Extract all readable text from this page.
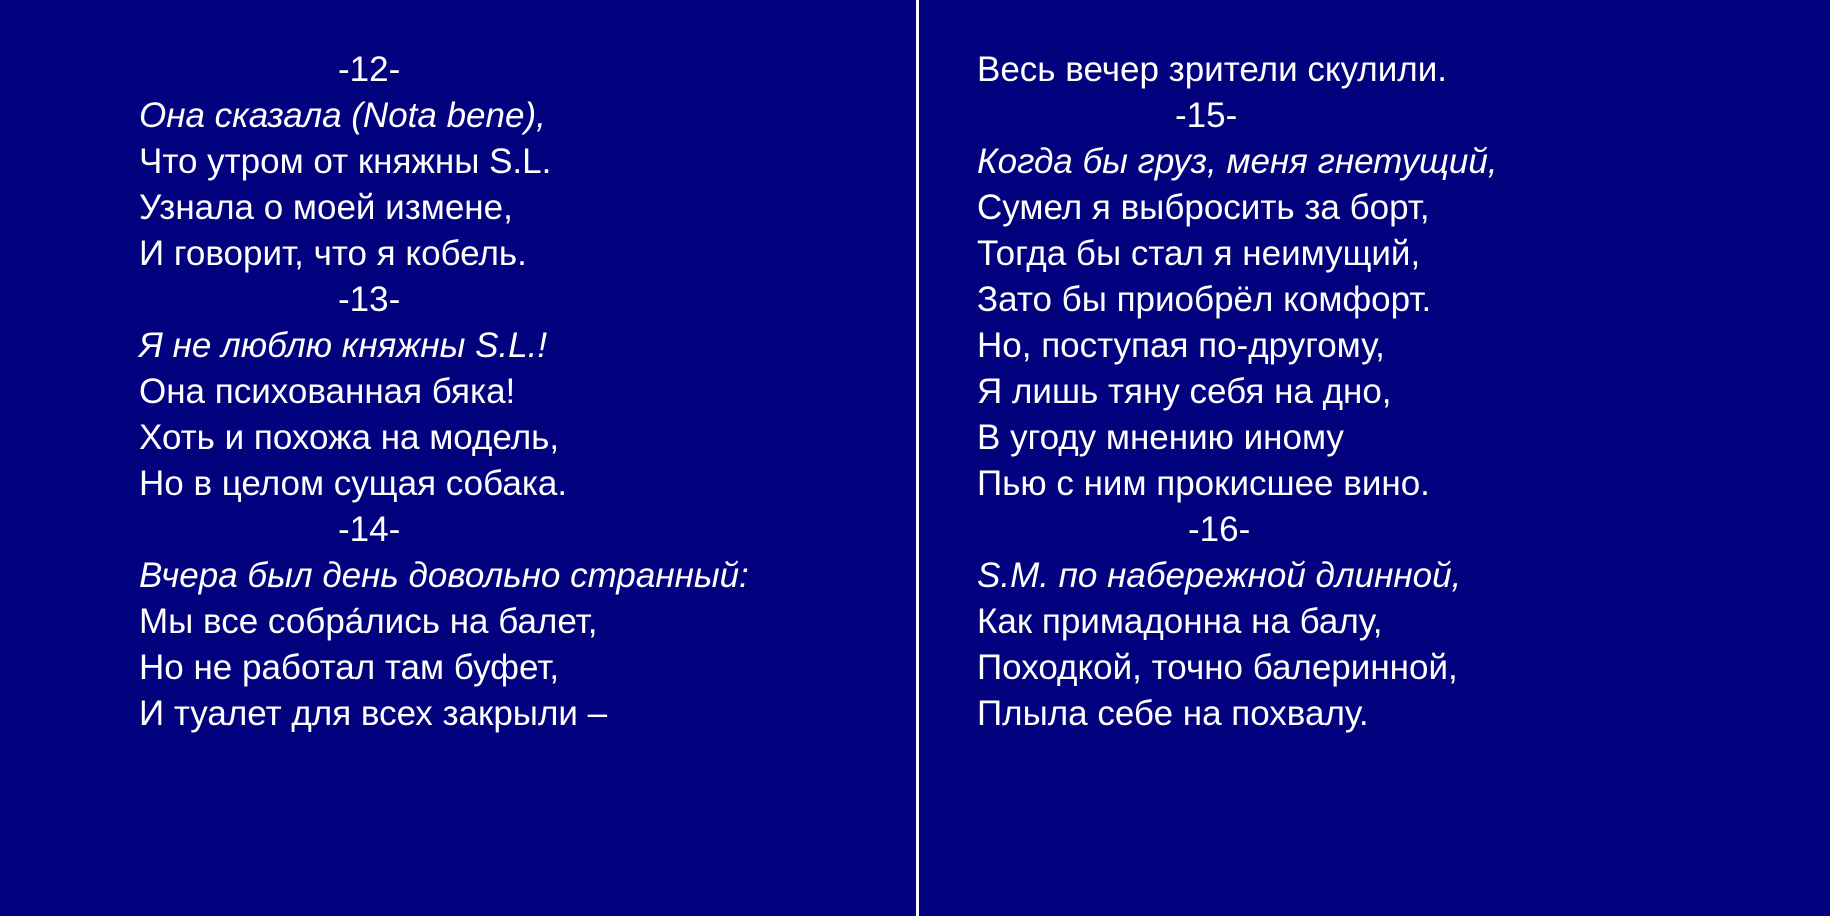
-12-
Она сказала (Nota bene),
Что утром от княжны S.L.
Узнала о моей измене,
И говорит, что я кобель.
-13-
Я не люблю княжны S.L.!
Она психованная бяка!
Хоть и похожа на модель,
Но в целом сущая собака.
-14-
Вчера был день довольно странный:
Мы все собра́лись на балет,
Но не работал там буфет,
И туалет для всех закрыли –
Весь вечер зрители скулили.
-15-
Когда бы груз, меня гнетущий,
Сумел я выбросить за борт,
Тогда бы стал я неимущий,
Зато бы приобрёл комфорт.
Но, поступая по-другому,
Я лишь тяну себя на дно,
В угоду мнению иному
Пью с ним прокисшее вино.
-16-
S.M. по набережной длинной,
Как примадонна на балу,
Походкой, точно балеринной,
Плыла себе на похвалу.
